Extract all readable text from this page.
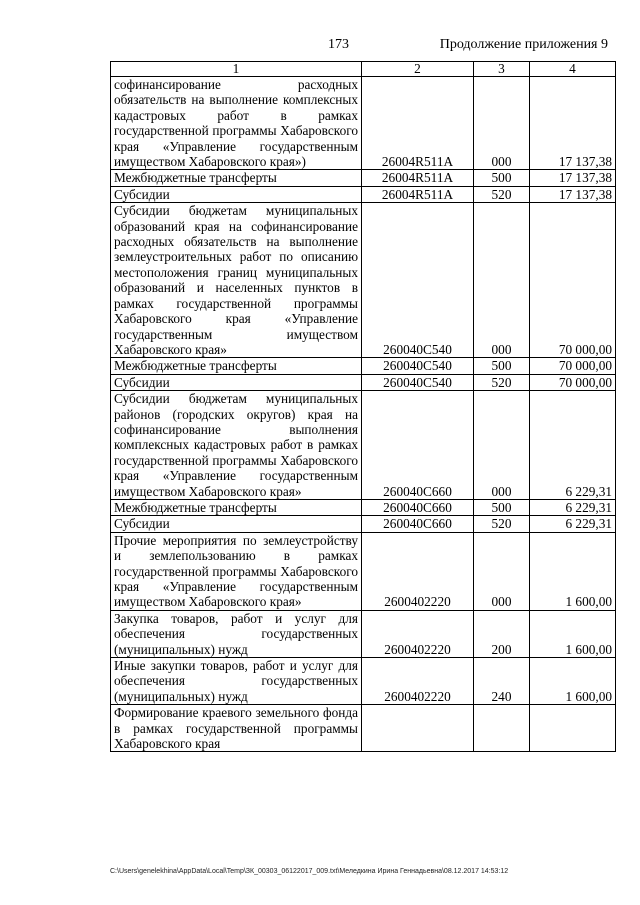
173	Продолжение приложения 9
1	2	3	4
софинансирование расходных обязательств на выполнение комплексных кадастровых работ в рамках государственной программы Хабаровского края «Управление государственным имуществом Хабаровского края»)	26004R511A	000	17 137,38
Межбюджетные трансферты	26004R511A	500	17 137,38
Субсидии	26004R511A	520	17 137,38
Субсидии бюджетам муниципальных образований края на софинансирование расходных обязательств на выполнение землеустроительных работ по описанию местоположения границ муниципальных образований и населенных пунктов в рамках государственной программы Хабаровского края «Управление государственным имуществом Хабаровского края»	260040С540	000	70 000,00
Межбюджетные трансферты	260040С540	500	70 000,00
Субсидии	260040С540	520	70 000,00
Субсидии бюджетам муниципальных районов (городских округов) края на софинансирование выполнения комплексных кадастровых работ в рамках государственной программы Хабаровского края «Управление государственным имуществом Хабаровского края»	260040С660	000	6 229,31
Межбюджетные трансферты	260040С660	500	6 229,31
Субсидии	260040С660	520	6 229,31
Прочие мероприятия по землеустройству и землепользованию в рамках государственной программы Хабаровского края «Управление государственным имуществом Хабаровского края»	2600402220	000	1 600,00
Закупка товаров, работ и услуг для обеспечения государственных (муниципальных) нужд	2600402220	200	1 600,00
Иные закупки товаров, работ и услуг для обеспечения государственных (муниципальных) нужд	2600402220	240	1 600,00
Формирование краевого земельного фонда в рамках государственной программы Хабаровского края			
C:\Users\genelekhina\AppData\Local\Temp\ЗК_00303_06122017_009.txt\Меледкина Ирина Геннадьевна\08.12.2017 14:53:12
